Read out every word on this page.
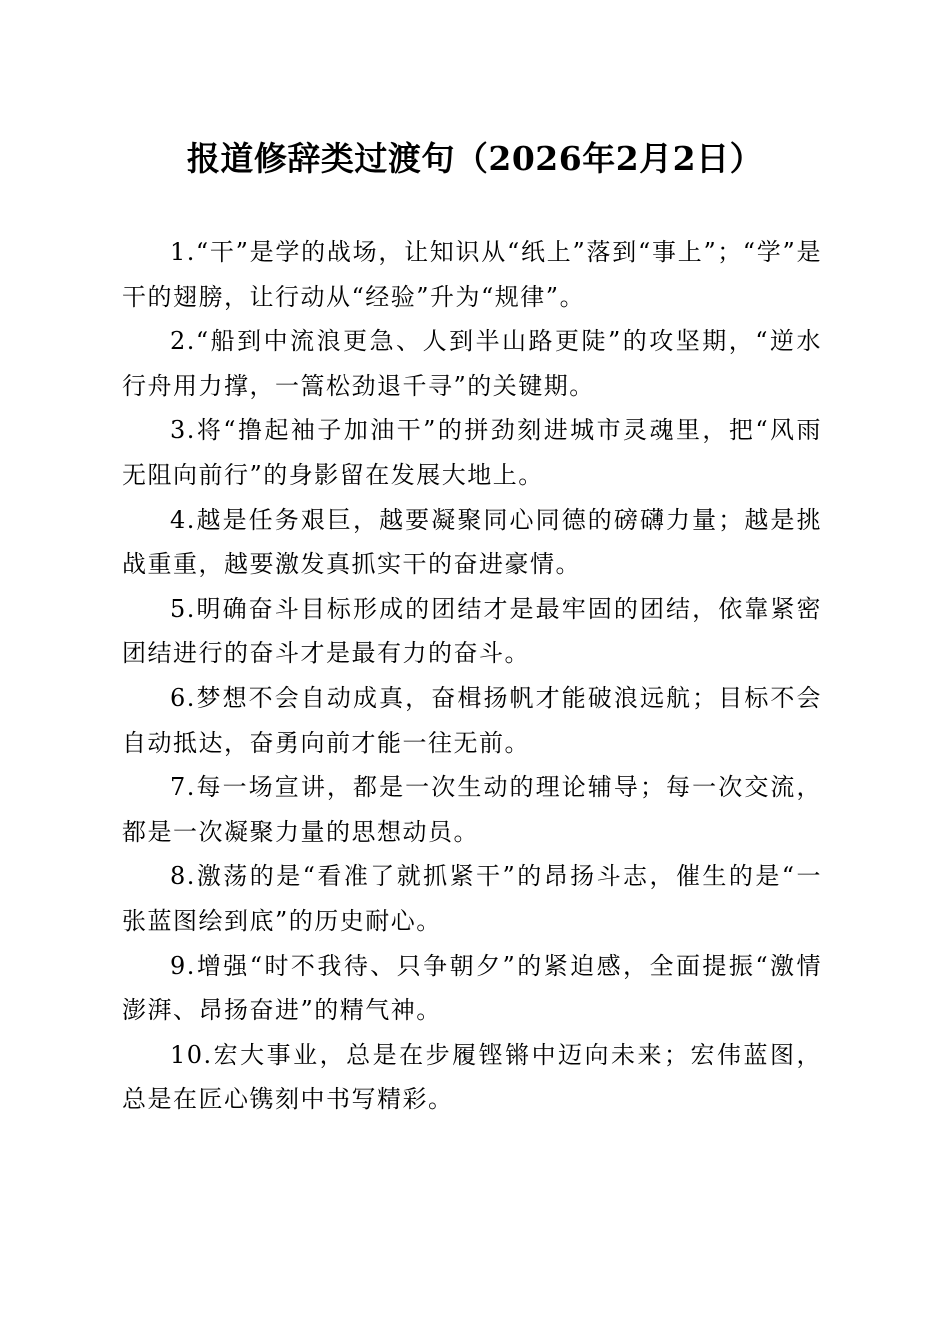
报道修辞类过渡句（2026年2月2日）

1.“干”是学的战场，让知识从“纸上”落到“事上”；“学”是干的翅膀，让行动从“经验”升为“规律”。

2.“船到中流浪更急、人到半山路更陡”的攻坚期，“逆水行舟用力撑，一篙松劲退千寻”的关键期。

3.将“撸起袖子加油干”的拼劲刻进城市灵魂里，把“风雨无阻向前行”的身影留在发展大地上。

4.越是任务艰巨，越要凝聚同心同德的磅礴力量；越是挑战重重，越要激发真抓实干的奋进豪情。

5.明确奋斗目标形成的团结才是最牢固的团结，依靠紧密团结进行的奋斗才是最有力的奋斗。

6.梦想不会自动成真，奋楫扬帆才能破浪远航；目标不会自动抵达，奋勇向前才能一往无前。

7.每一场宣讲，都是一次生动的理论辅导；每一次交流，都是一次凝聚力量的思想动员。

8.激荡的是“看准了就抓紧干”的昂扬斗志，催生的是“一张蓝图绘到底”的历史耐心。

9.增强“时不我待、只争朝夕”的紧迫感，全面提振“激情澎湃、昂扬奋进”的精气神。

10.宏大事业，总是在步履铿锵中迈向未来；宏伟蓝图，总是在匠心镌刻中书写精彩。
